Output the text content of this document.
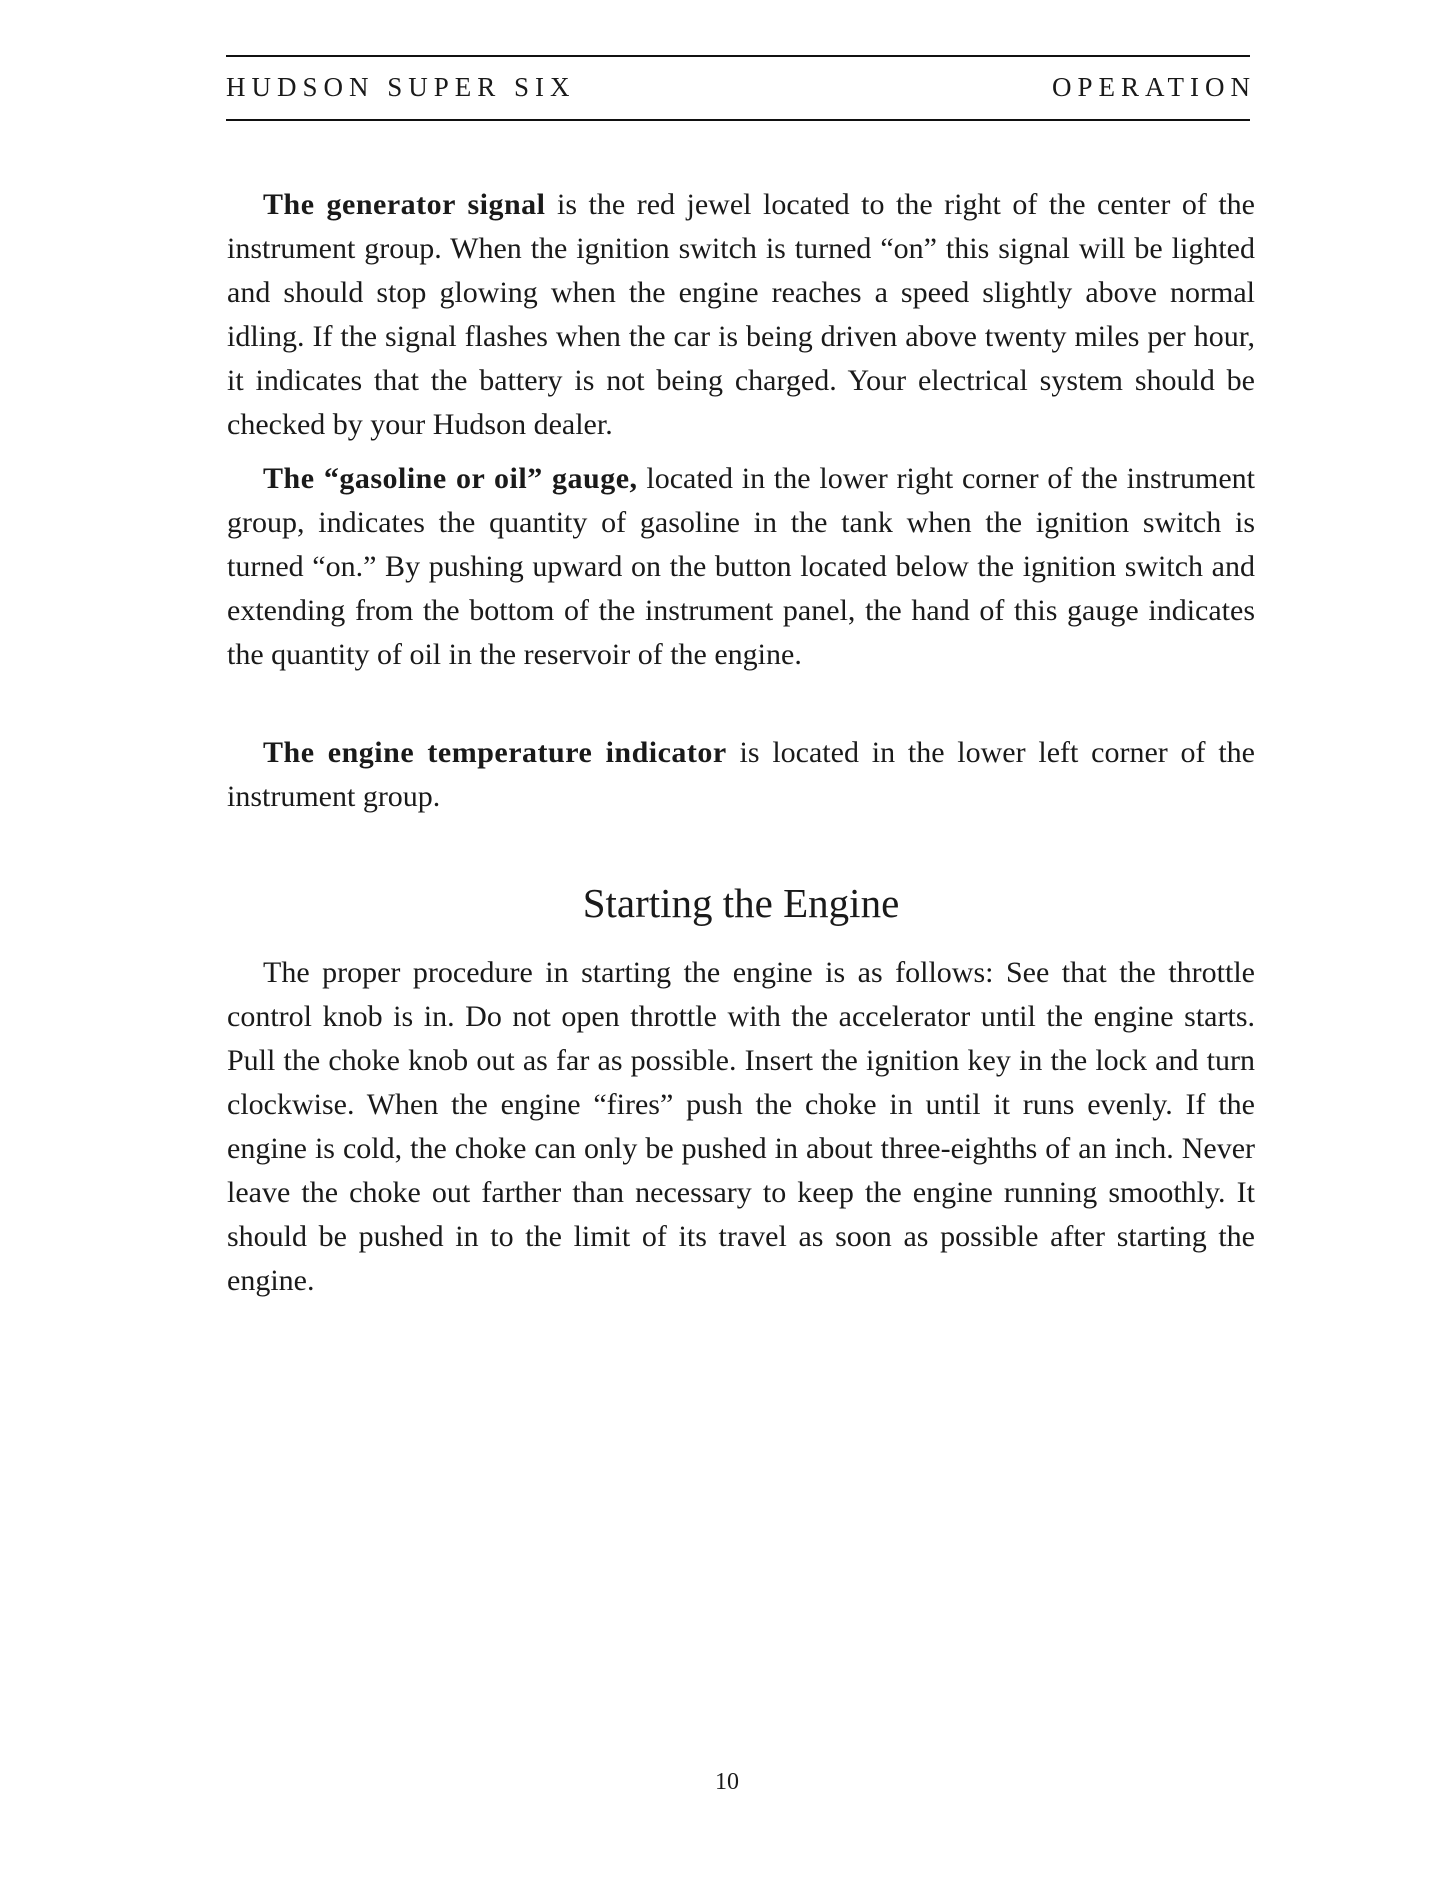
HUDSON SUPER SIX	OPERATION

The generator signal is the red jewel located to the right of the center of the instrument group. When the ignition switch is turned “on” this signal will be lighted and should stop glowing when the engine reaches a speed slightly above normal idling. If the signal flashes when the car is being driven above twenty miles per hour, it indicates that the battery is not being charged. Your electrical system should be checked by your Hudson dealer.

The “gasoline or oil” gauge, located in the lower right corner of the instrument group, indicates the quantity of gasoline in the tank when the ignition switch is turned “on.” By pushing upward on the button located below the ignition switch and extending from the bottom of the instrument panel, the hand of this gauge indicates the quantity of oil in the reservoir of the engine.

The engine temperature indicator is located in the lower left corner of the instrument group.

Starting the Engine

The proper procedure in starting the engine is as follows: See that the throttle control knob is in. Do not open throttle with the accelerator until the engine starts. Pull the choke knob out as far as possible. Insert the ignition key in the lock and turn clockwise. When the engine “fires” push the choke in until it runs evenly. If the engine is cold, the choke can only be pushed in about three-eighths of an inch. Never leave the choke out farther than necessary to keep the engine running smoothly. It should be pushed in to the limit of its travel as soon as possible after starting the engine.

10
